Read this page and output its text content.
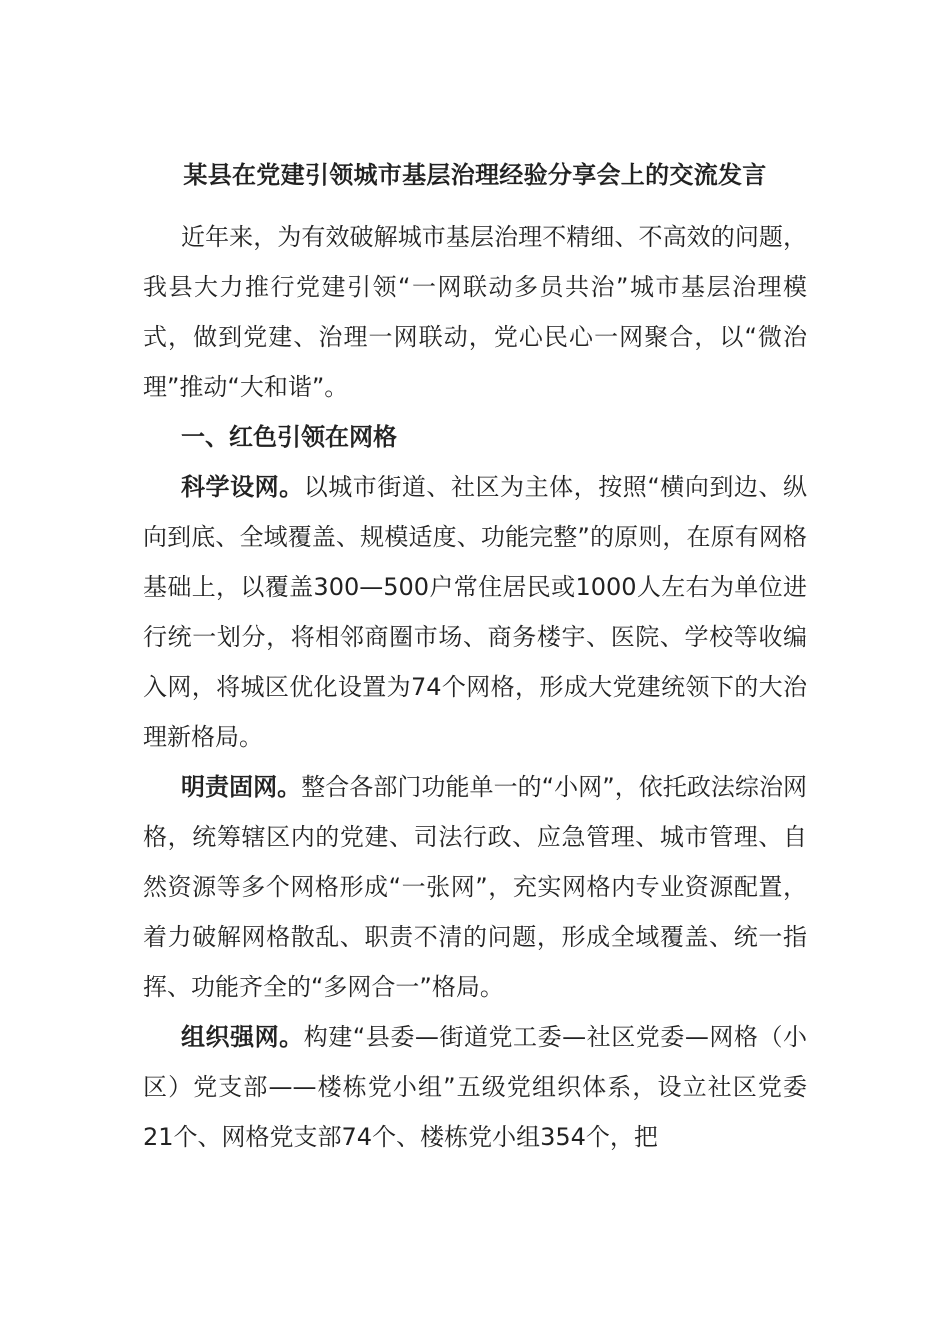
某县在党建引领城市基层治理经验分享会上的交流发言

近年来，为有效破解城市基层治理不精细、不高效的问题，我县大力推行党建引领“一网联动多员共治”城市基层治理模式，做到党建、治理一网联动，党心民心一网聚合，以“微治理”推动“大和谐”。

一、红色引领在网格

科学设网。以城市街道、社区为主体，按照“横向到边、纵向到底、全域覆盖、规模适度、功能完整”的原则，在原有网格基础上，以覆盖300—500户常住居民或1000人左右为单位进行统一划分，将相邻商圈市场、商务楼宇、医院、学校等收编入网，将城区优化设置为74个网格，形成大党建统领下的大治理新格局。

明责固网。整合各部门功能单一的“小网”，依托政法综治网格，统筹辖区内的党建、司法行政、应急管理、城市管理、自然资源等多个网格形成“一张网”，充实网格内专业资源配置，着力破解网格散乱、职责不清的问题，形成全域覆盖、统一指挥、功能齐全的“多网合一”格局。

组织强网。构建“县委—街道党工委—社区党委—网格（小区）党支部——楼栋党小组”五级党组织体系，设立社区党委21个、网格党支部74个、楼栋党小组354个，把
